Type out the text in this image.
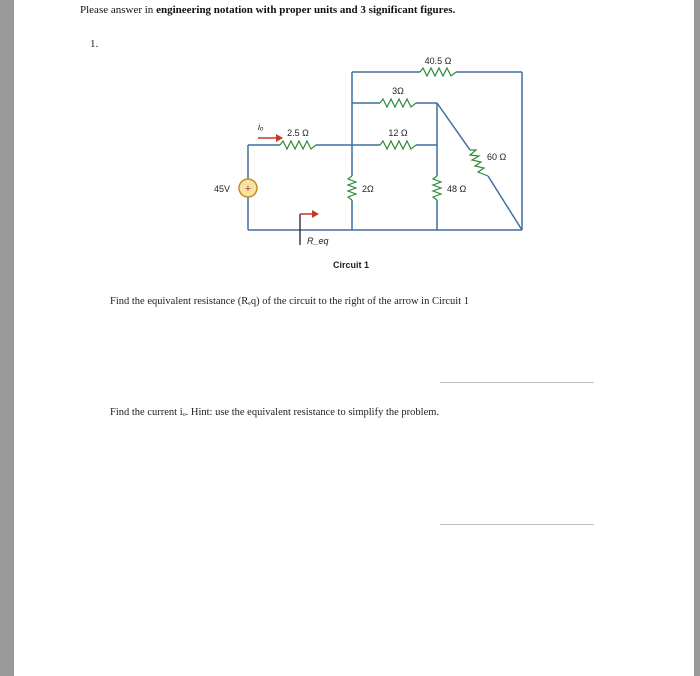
Please answer in engineering notation with proper units and 3 significant figures.
1.
+
45V
40.5 Ω
3Ω
2.5 Ω	12 Ω
60 Ω
2Ω	48 Ω
iₒ
R_eq
Circuit 1
Find the equivalent resistance (Rₑq) of the circuit to the right of the arrow in Circuit 1
Find the current iₒ. Hint: use the equivalent resistance to simplify the problem.
